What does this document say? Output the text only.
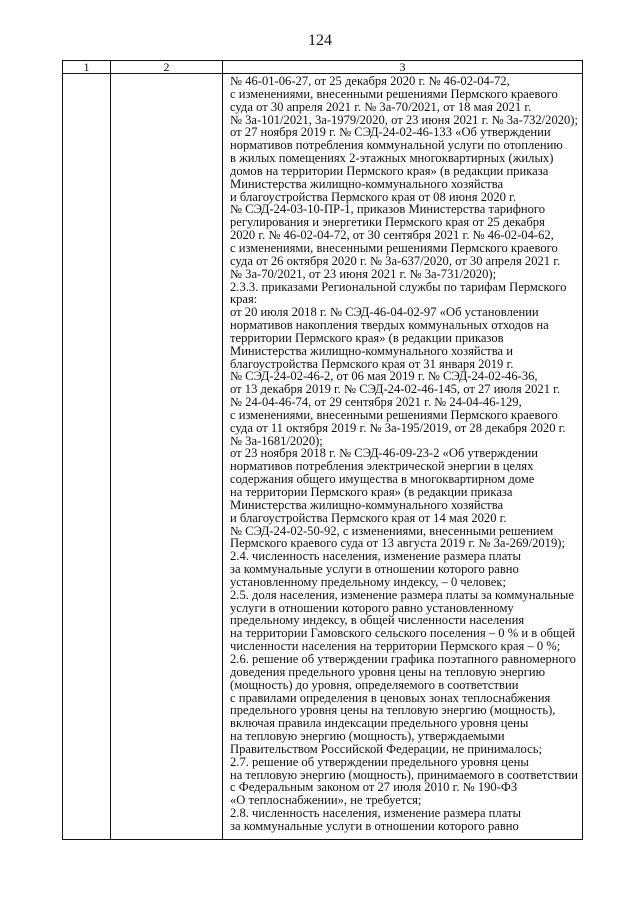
124
1	2	3
№ 46-01-06-27, от 25 декабря 2020 г. № 46-02-04-72,
с изменениями, внесенными решениями Пермского краевого
суда от 30 апреля 2021 г. № 3а-70/2021, от 18 мая 2021 г.
№ 3а-101/2021, 3а-1979/2020, от 23 июня 2021 г. № 3а-732/2020);
от 27 ноября 2019 г. № СЭД-24-02-46-133 «Об утверждении
нормативов потребления коммунальной услуги по отоплению
в жилых помещениях 2-этажных многоквартирных (жилых)
домов на территории Пермского края» (в редакции приказа
Министерства жилищно-коммунального хозяйства
и благоустройства Пермского края от 08 июня 2020 г.
№ СЭД-24-03-10-ПР-1, приказов Министерства тарифного
регулирования и энергетики Пермского края от 25 декабря
2020 г. № 46-02-04-72, от 30 сентября 2021 г. № 46-02-04-62,
с изменениями, внесенными решениями Пермского краевого
суда от 26 октября 2020 г. № 3а-637/2020, от 30 апреля 2021 г.
№ 3а-70/2021, от 23 июня 2021 г. № 3а-731/2020);
2.3.3. приказами Региональной службы по тарифам Пермского
края:
от 20 июля 2018 г. № СЭД-46-04-02-97 «Об установлении
нормативов накопления твердых коммунальных отходов на
территории Пермского края» (в редакции приказов
Министерства жилищно-коммунального хозяйства и
благоустройства Пермского края от 31 января 2019 г.
№ СЭД-24-02-46-2, от 06 мая 2019 г. № СЭД-24-02-46-36,
от 13 декабря 2019 г. № СЭД-24-02-46-145, от 27 июля 2021 г.
№ 24-04-46-74, от 29 сентября 2021 г. № 24-04-46-129,
с изменениями, внесенными решениями Пермского краевого
суда от 11 октября 2019 г. № 3а-195/2019, от 28 декабря 2020 г.
№ 3а-1681/2020);
от 23 ноября 2018 г. № СЭД-46-09-23-2 «Об утверждении
нормативов потребления электрической энергии в целях
содержания общего имущества в многоквартирном доме
на территории Пермского края» (в редакции приказа
Министерства жилищно-коммунального хозяйства
и благоустройства Пермского края от 14 мая 2020 г.
№ СЭД-24-02-50-92, с изменениями, внесенными решением
Пермского краевого суда от 13 августа 2019 г. № 3а-269/2019);
2.4. численность населения, изменение размера платы
за коммунальные услуги в отношении которого равно
установленному предельному индексу, – 0 человек;
2.5. доля населения, изменение размера платы за коммунальные
услуги в отношении которого равно установленному
предельному индексу, в общей численности населения
на территории Гамовского сельского поселения – 0 % и в общей
численности населения на территории Пермского края – 0 %;
2.6. решение об утверждении графика поэтапного равномерного
доведения предельного уровня цены на тепловую энергию
(мощность) до уровня, определяемого в соответствии
с правилами определения в ценовых зонах теплоснабжения
предельного уровня цены на тепловую энергию (мощность),
включая правила индексации предельного уровня цены
на тепловую энергию (мощность), утверждаемыми
Правительством Российской Федерации, не принималось;
2.7. решение об утверждении предельного уровня цены
на тепловую энергию (мощность), принимаемого в соответствии
с Федеральным законом от 27 июля 2010 г. № 190-ФЗ
«О теплоснабжении», не требуется;
2.8. численность населения, изменение размера платы
за коммунальные услуги в отношении которого равно
